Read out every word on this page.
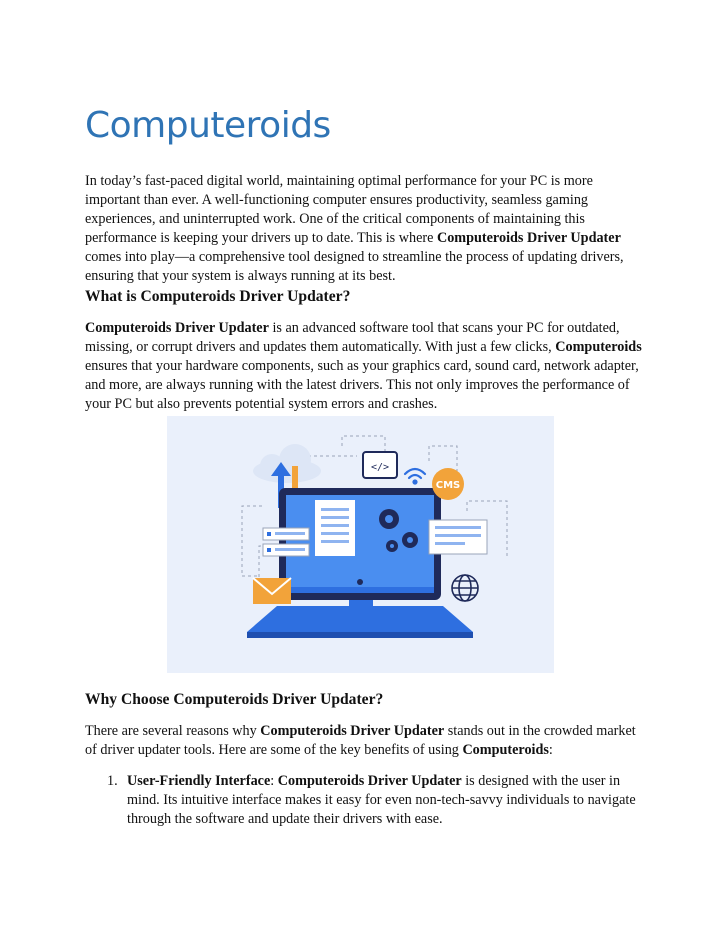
Computeroids

In today’s fast-paced digital world, maintaining optimal performance for your PC is more important than ever. A well-functioning computer ensures productivity, seamless gaming experiences, and uninterrupted work. One of the critical components of maintaining this performance is keeping your drivers up to date. This is where Computeroids Driver Updater comes into play—a comprehensive tool designed to streamline the process of updating drivers, ensuring that your system is always running at its best.

What is Computeroids Driver Updater?

Computeroids Driver Updater is an advanced software tool that scans your PC for outdated, missing, or corrupt drivers and updates them automatically. With just a few clicks, Computeroids ensures that your hardware components, such as your graphics card, sound card, network adapter, and more, are always running with the latest drivers. This not only improves the performance of your PC but also prevents potential system errors and crashes.

</>
CMS
Why Choose Computeroids Driver Updater?

There are several reasons why Computeroids Driver Updater stands out in the crowded market of driver updater tools. Here are some of the key benefits of using Computeroids:

1. User-Friendly Interface: Computeroids Driver Updater is designed with the user in mind. Its intuitive interface makes it easy for even non-tech-savvy individuals to navigate through the software and update their drivers with ease.
